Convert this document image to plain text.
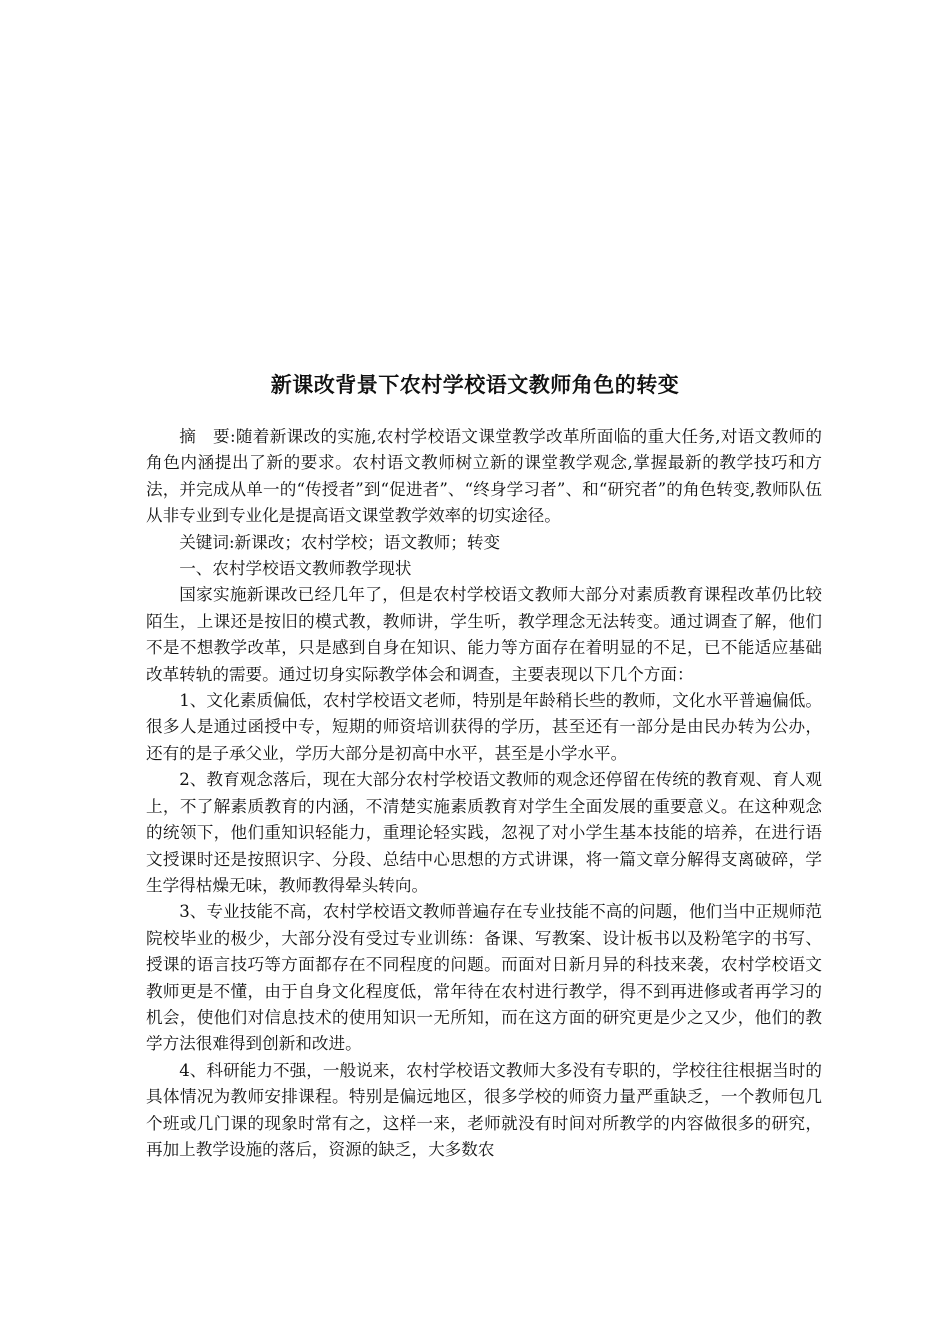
新课改背景下农村学校语文教师角色的转变

摘　要:随着新课改的实施,农村学校语文课堂教学改革所面临的重大任务,对语文教师的角色内涵提出了新的要求。农村语文教师树立新的课堂教学观念,掌握最新的教学技巧和方法，并完成从单一的“传授者”到“促进者”、“终身学习者”、和“研究者”的角色转变,教师队伍从非专业到专业化是提高语文课堂教学效率的切实途径。

关键词:新课改；农村学校；语文教师；转变

一、农村学校语文教师教学现状

国家实施新课改已经几年了，但是农村学校语文教师大部分对素质教育课程改革仍比较陌生，上课还是按旧的模式教，教师讲，学生听，教学理念无法转变。通过调查了解，他们不是不想教学改革，只是感到自身在知识、能力等方面存在着明显的不足，已不能适应基础改革转轨的需要。通过切身实际教学体会和调查，主要表现以下几个方面：

1、文化素质偏低，农村学校语文老师，特别是年龄稍长些的教师，文化水平普遍偏低。很多人是通过函授中专，短期的师资培训获得的学历，甚至还有一部分是由民办转为公办，还有的是子承父业，学历大部分是初高中水平，甚至是小学水平。

2、教育观念落后，现在大部分农村学校语文教师的观念还停留在传统的教育观、育人观上，不了解素质教育的内涵，不清楚实施素质教育对学生全面发展的重要意义。在这种观念的统领下，他们重知识轻能力，重理论轻实践，忽视了对小学生基本技能的培养，在进行语文授课时还是按照识字、分段、总结中心思想的方式讲课，将一篇文章分解得支离破碎，学生学得枯燥无味，教师教得晕头转向。

3、专业技能不高，农村学校语文教师普遍存在专业技能不高的问题，他们当中正规师范院校毕业的极少，大部分没有受过专业训练：备课、写教案、设计板书以及粉笔字的书写、授课的语言技巧等方面都存在不同程度的问题。而面对日新月异的科技来袭，农村学校语文教师更是不懂，由于自身文化程度低，常年待在农村进行教学，得不到再进修或者再学习的机会，使他们对信息技术的使用知识一无所知，而在这方面的研究更是少之又少，他们的教学方法很难得到创新和改进。

4、科研能力不强，一般说来，农村学校语文教师大多没有专职的，学校往往根据当时的具体情况为教师安排课程。特别是偏远地区，很多学校的师资力量严重缺乏，一个教师包几个班或几门课的现象时常有之，这样一来，老师就没有时间对所教学的内容做很多的研究，再加上教学设施的落后，资源的缺乏，大多数农
